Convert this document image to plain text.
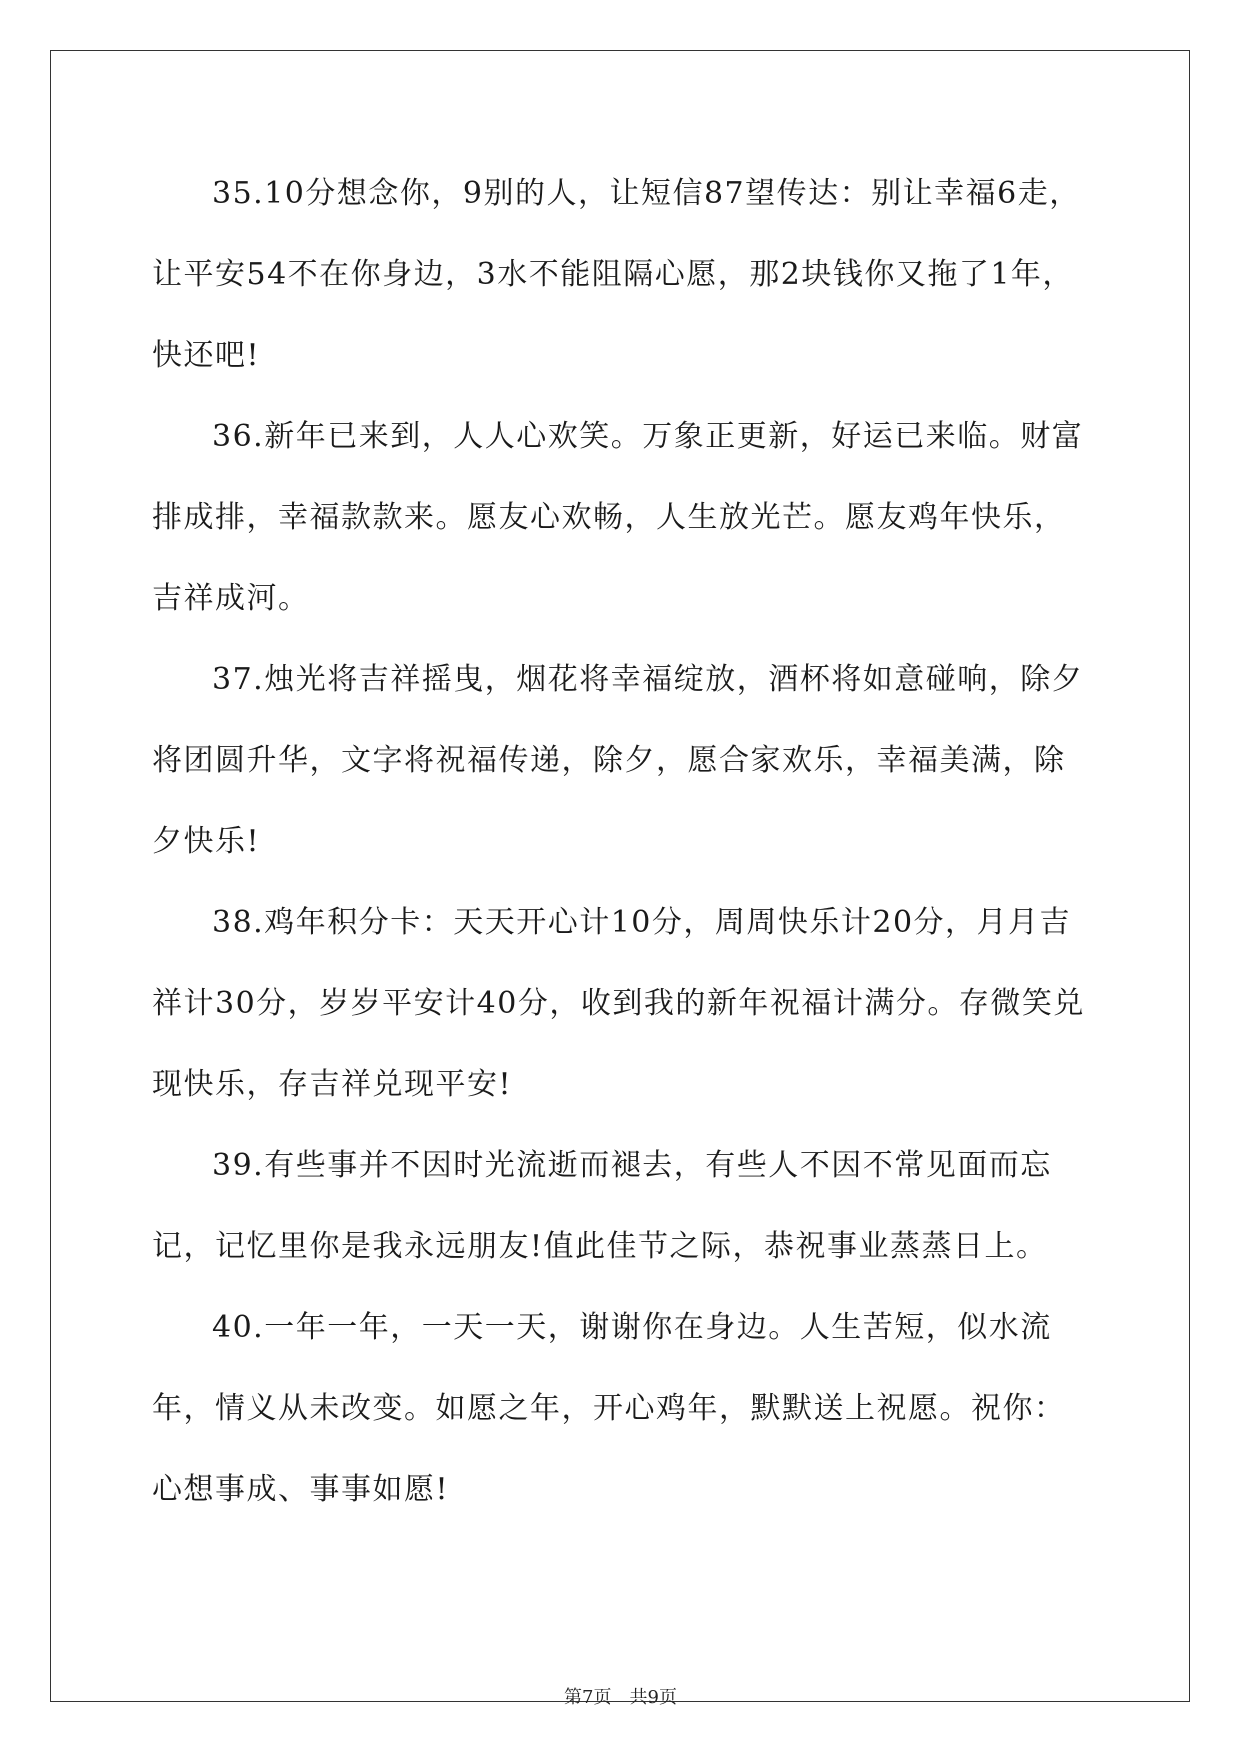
35.10分想念你，9别的人，让短信87望传达：别让幸福6走，让平安54不在你身边，3水不能阻隔心愿，那2块钱你又拖了1年，快还吧!

36.新年已来到，人人心欢笑。万象正更新，好运已来临。财富排成排，幸福款款来。愿友心欢畅，人生放光芒。愿友鸡年快乐，吉祥成河。

37.烛光将吉祥摇曳，烟花将幸福绽放，酒杯将如意碰响，除夕将团圆升华，文字将祝福传递，除夕，愿合家欢乐，幸福美满，除夕快乐!

38.鸡年积分卡：天天开心计10分，周周快乐计20分，月月吉祥计30分，岁岁平安计40分，收到我的新年祝福计满分。存微笑兑现快乐，存吉祥兑现平安!

39.有些事并不因时光流逝而褪去，有些人不因不常见面而忘记，记忆里你是我永远朋友!值此佳节之际，恭祝事业蒸蒸日上。

40.一年一年，一天一天，谢谢你在身边。人生苦短，似水流年，情义从未改变。如愿之年，开心鸡年，默默送上祝愿。祝你：心想事成、事事如愿!

第7页 共9页
